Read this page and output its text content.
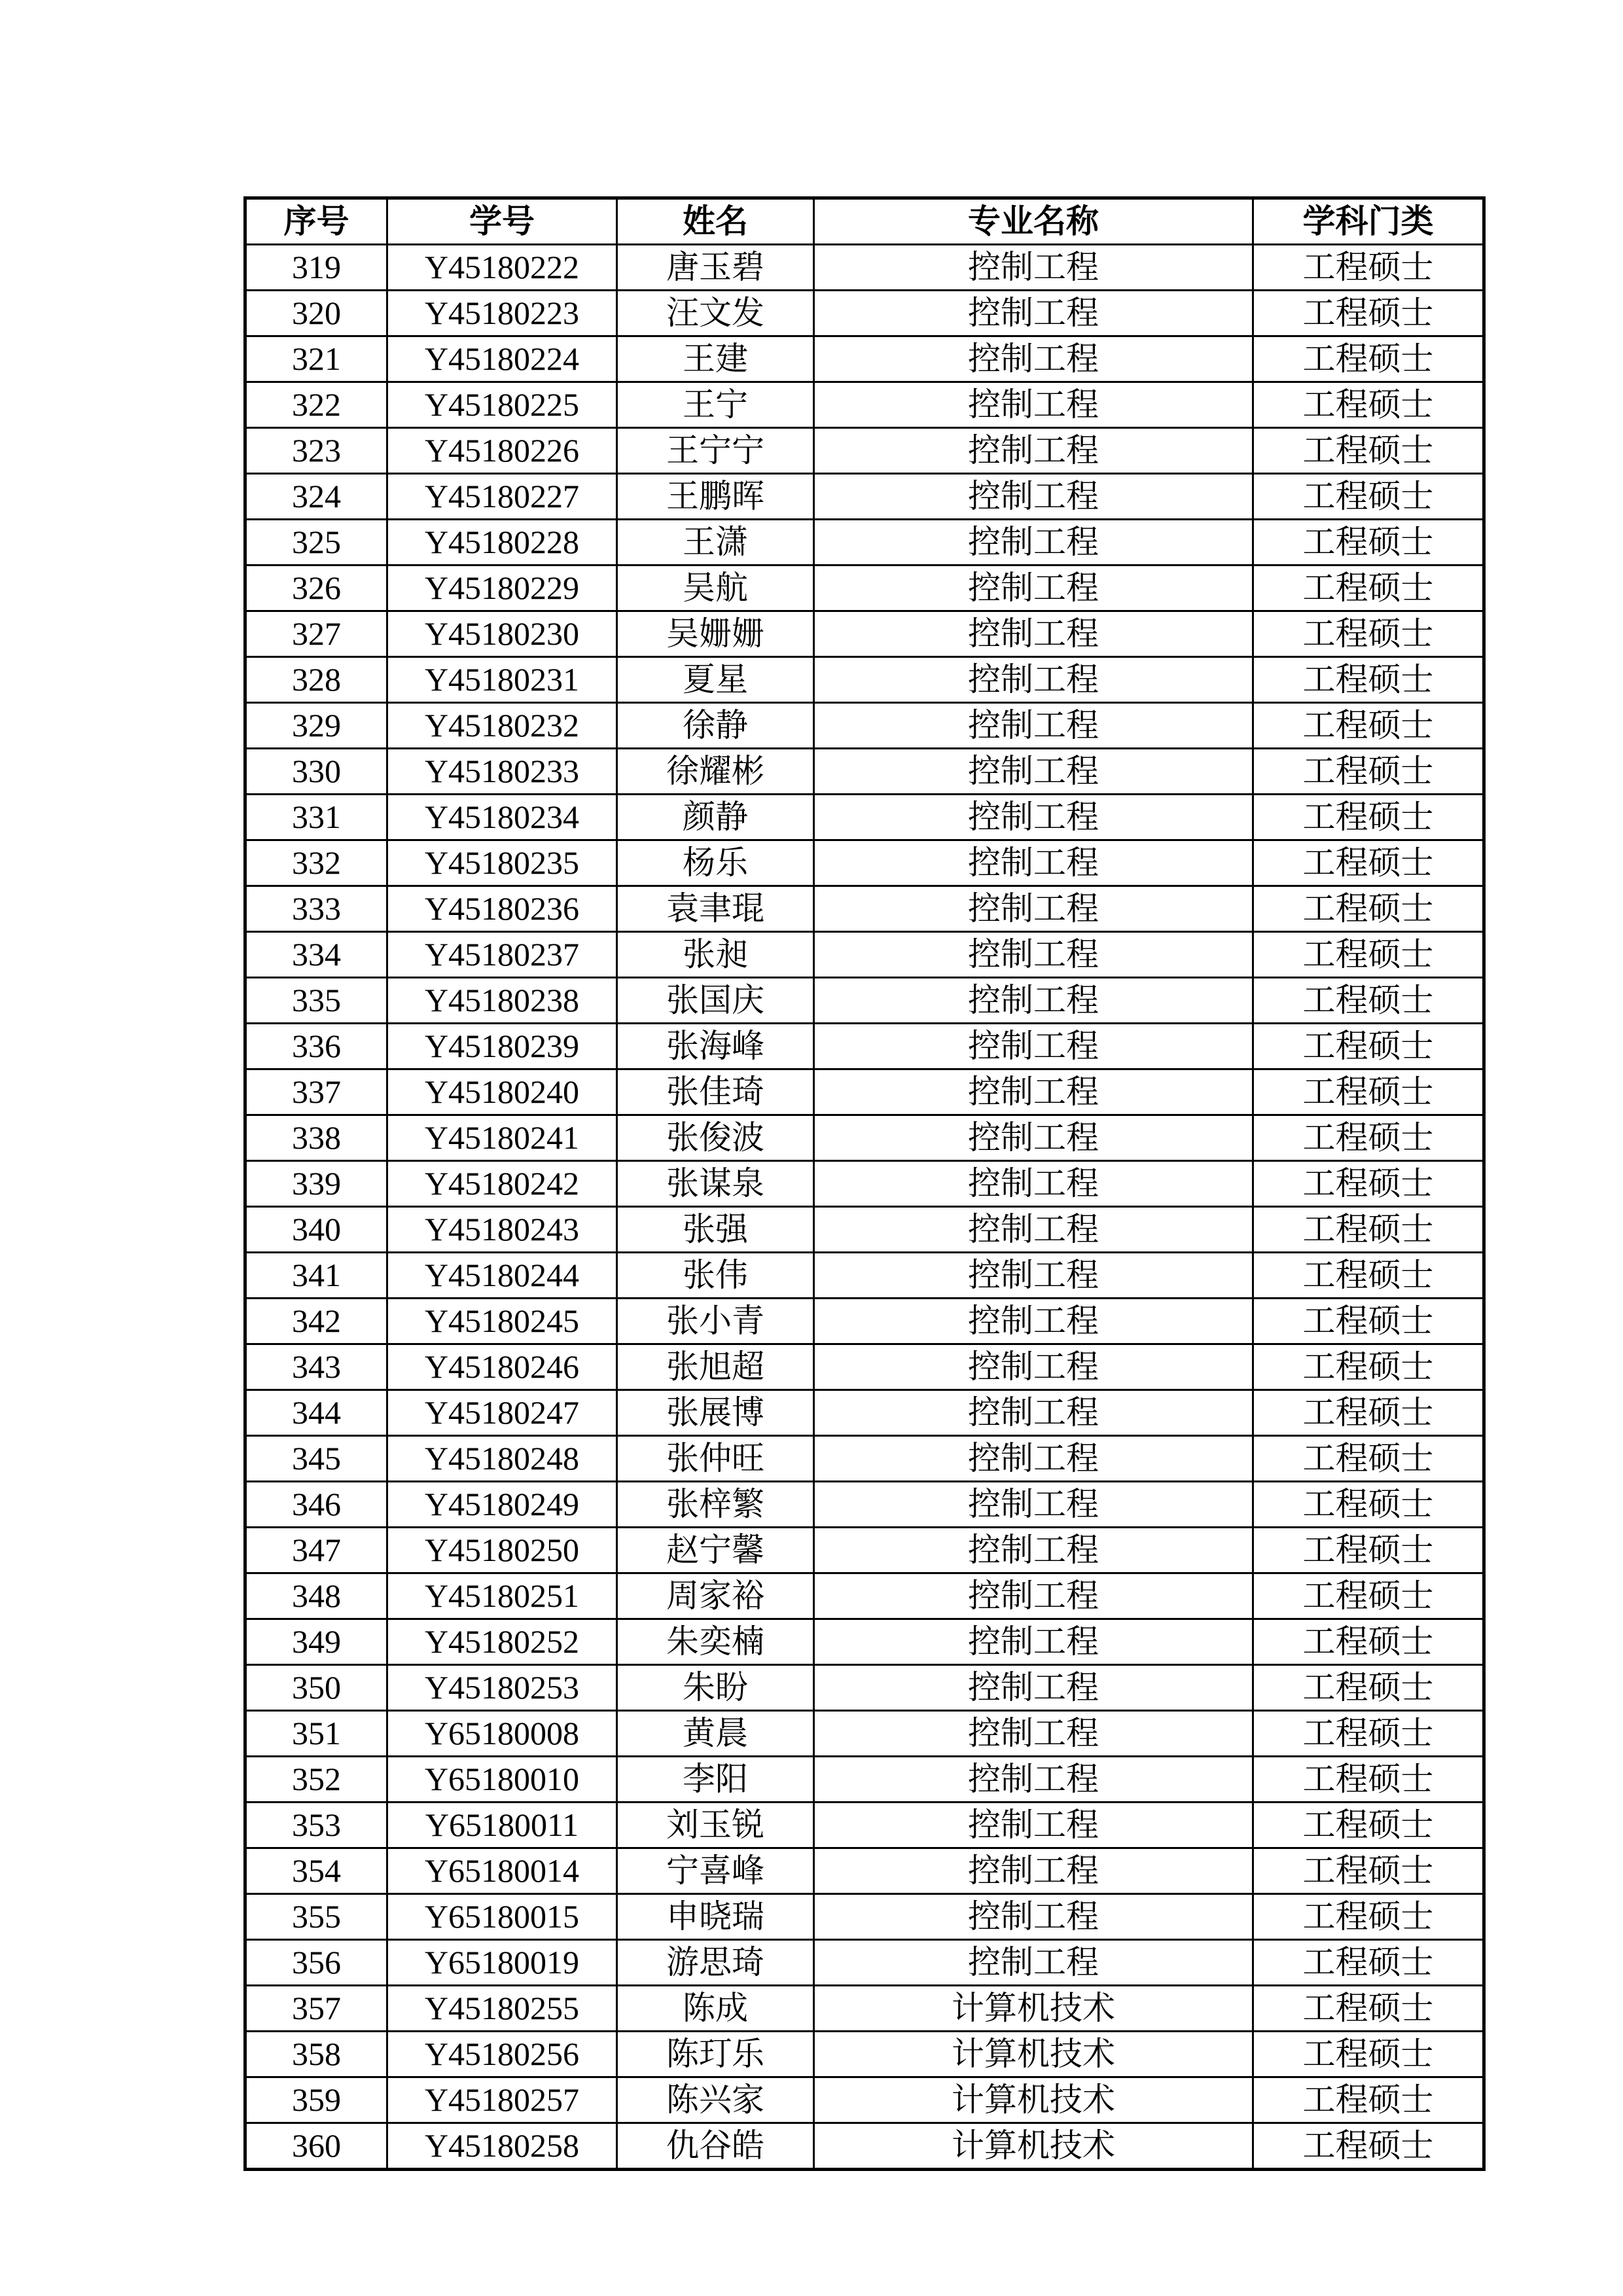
序号	学号	姓名	专业名称	学科门类
319	Y45180222	唐玉碧	控制工程	工程硕士
320	Y45180223	汪文发	控制工程	工程硕士
321	Y45180224	王建	控制工程	工程硕士
322	Y45180225	王宁	控制工程	工程硕士
323	Y45180226	王宁宁	控制工程	工程硕士
324	Y45180227	王鹏晖	控制工程	工程硕士
325	Y45180228	王潇	控制工程	工程硕士
326	Y45180229	吴航	控制工程	工程硕士
327	Y45180230	吴姗姗	控制工程	工程硕士
328	Y45180231	夏星	控制工程	工程硕士
329	Y45180232	徐静	控制工程	工程硕士
330	Y45180233	徐耀彬	控制工程	工程硕士
331	Y45180234	颜静	控制工程	工程硕士
332	Y45180235	杨乐	控制工程	工程硕士
333	Y45180236	袁聿琨	控制工程	工程硕士
334	Y45180237	张昶	控制工程	工程硕士
335	Y45180238	张国庆	控制工程	工程硕士
336	Y45180239	张海峰	控制工程	工程硕士
337	Y45180240	张佳琦	控制工程	工程硕士
338	Y45180241	张俊波	控制工程	工程硕士
339	Y45180242	张谋泉	控制工程	工程硕士
340	Y45180243	张强	控制工程	工程硕士
341	Y45180244	张伟	控制工程	工程硕士
342	Y45180245	张小青	控制工程	工程硕士
343	Y45180246	张旭超	控制工程	工程硕士
344	Y45180247	张展博	控制工程	工程硕士
345	Y45180248	张仲旺	控制工程	工程硕士
346	Y45180249	张梓繁	控制工程	工程硕士
347	Y45180250	赵宁馨	控制工程	工程硕士
348	Y45180251	周家裕	控制工程	工程硕士
349	Y45180252	朱奕楠	控制工程	工程硕士
350	Y45180253	朱盼	控制工程	工程硕士
351	Y65180008	黄晨	控制工程	工程硕士
352	Y65180010	李阳	控制工程	工程硕士
353	Y65180011	刘玉锐	控制工程	工程硕士
354	Y65180014	宁喜峰	控制工程	工程硕士
355	Y65180015	申晓瑞	控制工程	工程硕士
356	Y65180019	游思琦	控制工程	工程硕士
357	Y45180255	陈成	计算机技术	工程硕士
358	Y45180256	陈玎乐	计算机技术	工程硕士
359	Y45180257	陈兴家	计算机技术	工程硕士
360	Y45180258	仇谷皓	计算机技术	工程硕士
